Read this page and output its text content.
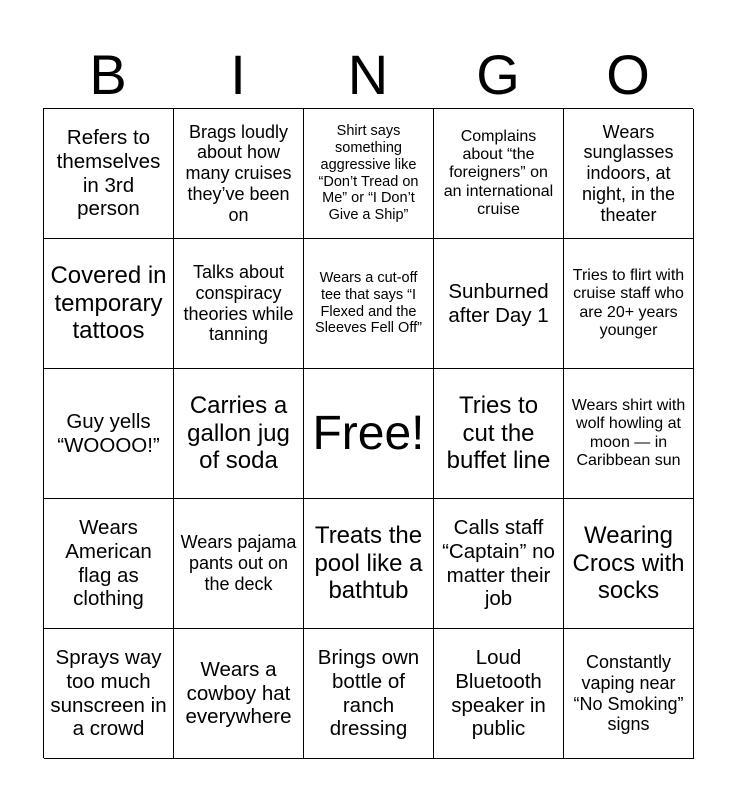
B	I	N	G	O
Refers to themselves in 3rd person
Brags loudly about how many cruises they’ve been on
Shirt says something aggressive like “Don’t Tread on Me” or “I Don’t Give a Ship”
Complains about “the foreigners” on an international cruise
Wears sunglasses indoors, at night, in the theater
Covered in temporary tattoos
Talks about conspiracy theories while tanning
Wears a cut-off tee that says “I Flexed and the Sleeves Fell Off”
Sunburned after Day 1
Tries to flirt with cruise staff who are 20+ years younger
Guy yells “WOOOO!”
Carries a gallon jug of soda
Free!
Tries to cut the buffet line
Wears shirt with wolf howling at moon — in Caribbean sun
Wears American flag as clothing
Wears pajama pants out on the deck
Treats the pool like a bathtub
Calls staff “Captain” no matter their job
Wearing Crocs with socks
Sprays way too much sunscreen in a crowd
Wears a cowboy hat everywhere
Brings own bottle of ranch dressing
Loud Bluetooth speaker in public
Constantly vaping near “No Smoking” signs
